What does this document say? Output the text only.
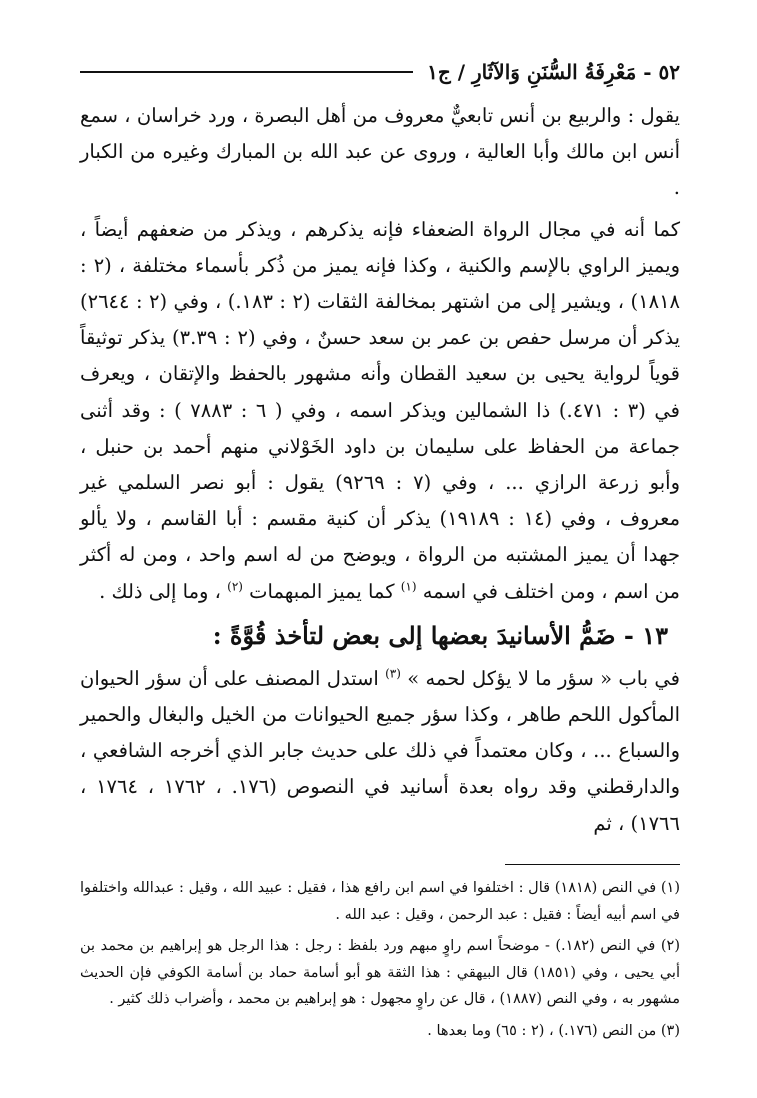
٥٢ - مَعْرِفَةُ السُّنَنِ وَالآثَارِ / ج١

يقول : والربيع بن أنس تابعيٌّ معروف من أهل البصرة ، ورد خراسان ، سمع أنس ابن مالك وأبا العالية ، وروى عن عبد الله بن المبارك وغيره من الكبار .

كما أنه في مجال الرواة الضعفاء فإنه يذكرهم ، ويذكر من ضعفهم أيضاً ، ويميز الراوي بالإسم والكنية ، وكذا فإنه يميز من ذُكر بأسماء مختلفة ، (٢ : ١٨١٨) ، ويشير إلى من اشتهر بمخالفة الثقات (٢ : ١٨٣.) ، وفي (٢ : ٢٦٤٤) يذكر أن مرسل حفص بن عمر بن سعد حسنٌ ، وفي (٢ : ٣.٣٩) يذكر توثيقاً قوياً لرواية يحيى بن سعيد القطان وأنه مشهور بالحفظ والإتقان ، ويعرف في (٣ : ٤٧١.) ذا الشمالين ويذكر اسمه ، وفي ( ٦ : ٧٨٨٣ ) : وقد أثنى جماعة من الحفاظ على سليمان بن داود الخَوْلاني منهم أحمد بن حنبل ، وأبو زرعة الرازي ... ، وفي (٧ : ٩٢٦٩) يقول : أبو نصر السلمي غير معروف ، وفي (١٤ : ١٩١٨٩) يذكر أن كنية مقسم : أبا القاسم ، ولا يألو جهدا أن يميز المشتبه من الرواة ، ويوضح من له اسم واحد ، ومن له أكثر من اسم ، ومن اختلف في اسمه $^{(١)}$ كما يميز المبهمات $^{(٢)}$ ، وما إلى ذلك .

١٣ - ضَمُّ الأسانيدَ بعضها إلى بعض لتأخذ قُوَّةً :

في باب « سؤر ما لا يؤكل لحمه » $^{(٣)}$ استدل المصنف على أن سؤر الحيوان المأكول اللحم طاهر ، وكذا سؤر جميع الحيوانات من الخيل والبغال والحمير والسباع ... ، وكان معتمداً في ذلك على حديث جابر الذي أخرجه الشافعي ، والدارقطني وقد رواه بعدة أسانيد في النصوص (١٧٦. ، ١٧٦٢ ، ١٧٦٤ ، ١٧٦٦) ، ثم

(١) في النص (١٨١٨) قال : اختلفوا في اسم ابن رافع هذا ، فقيل : عبيد الله ، وقيل : عبدالله واختلفوا في اسم أبيه أيضاً : فقيل : عبد الرحمن ، وقيل : عبد الله .

(٢) في النص (١٨٢.) - موضحاً اسم راوٍ مبهم ورد بلفظ : رجل : هذا الرجل هو إبراهيم بن محمد بن أبي يحيى ، وفي (١٨٥١) قال البيهقي : هذا الثقة هو أبو أسامة حماد بن أسامة الكوفي فإن الحديث مشهور به ، وفي النص (١٨٨٧) ، قال عن راوٍ مجهول : هو إبراهيم بن محمد ، وأضراب ذلك كثير .

(٣) من النص (١٧٦.) ، (٢ : ٦٥) وما بعدها .
